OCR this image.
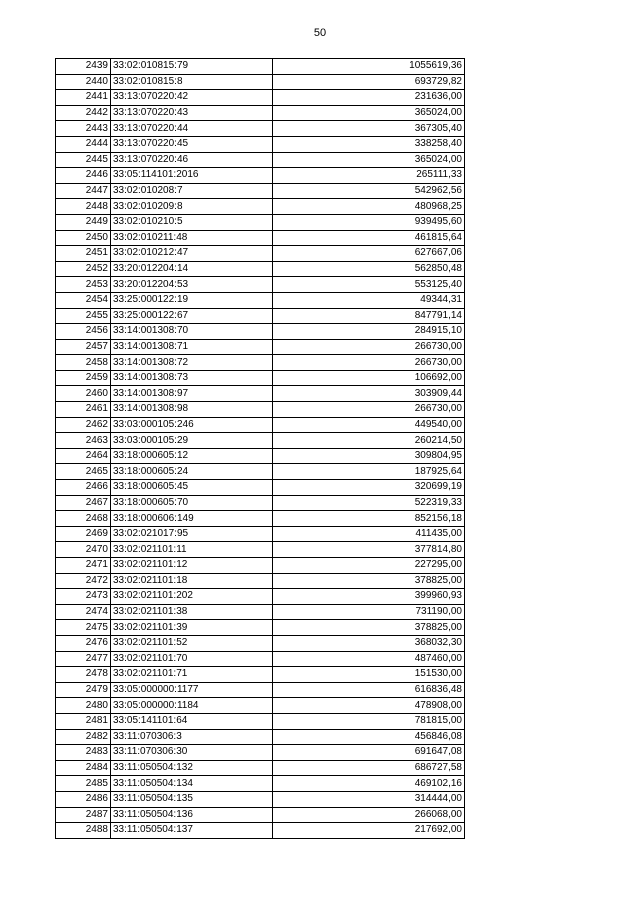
50
2439	33:02:010815:79	1055619,36
2440	33:02:010815:8	693729,82
2441	33:13:070220:42	231636,00
2442	33:13:070220:43	365024,00
2443	33:13:070220:44	367305,40
2444	33:13:070220:45	338258,40
2445	33:13:070220:46	365024,00
2446	33:05:114101:2016	265111,33
2447	33:02:010208:7	542962,56
2448	33:02:010209:8	480968,25
2449	33:02:010210:5	939495,60
2450	33:02:010211:48	461815,64
2451	33:02:010212:47	627667,06
2452	33:20:012204:14	562850,48
2453	33:20:012204:53	553125,40
2454	33:25:000122:19	49344,31
2455	33:25:000122:67	847791,14
2456	33:14:001308:70	284915,10
2457	33:14:001308:71	266730,00
2458	33:14:001308:72	266730,00
2459	33:14:001308:73	106692,00
2460	33:14:001308:97	303909,44
2461	33:14:001308:98	266730,00
2462	33:03:000105:246	449540,00
2463	33:03:000105:29	260214,50
2464	33:18:000605:12	309804,95
2465	33:18:000605:24	187925,64
2466	33:18:000605:45	320699,19
2467	33:18:000605:70	522319,33
2468	33:18:000606:149	852156,18
2469	33:02:021017:95	411435,00
2470	33:02:021101:11	377814,80
2471	33:02:021101:12	227295,00
2472	33:02:021101:18	378825,00
2473	33:02:021101:202	399960,93
2474	33:02:021101:38	731190,00
2475	33:02:021101:39	378825,00
2476	33:02:021101:52	368032,30
2477	33:02:021101:70	487460,00
2478	33:02:021101:71	151530,00
2479	33:05:000000:1177	616836,48
2480	33:05:000000:1184	478908,00
2481	33:05:141101:64	781815,00
2482	33:11:070306:3	456846,08
2483	33:11:070306:30	691647,08
2484	33:11:050504:132	686727,58
2485	33:11:050504:134	469102,16
2486	33:11:050504:135	314444,00
2487	33:11:050504:136	266068,00
2488	33:11:050504:137	217692,00
